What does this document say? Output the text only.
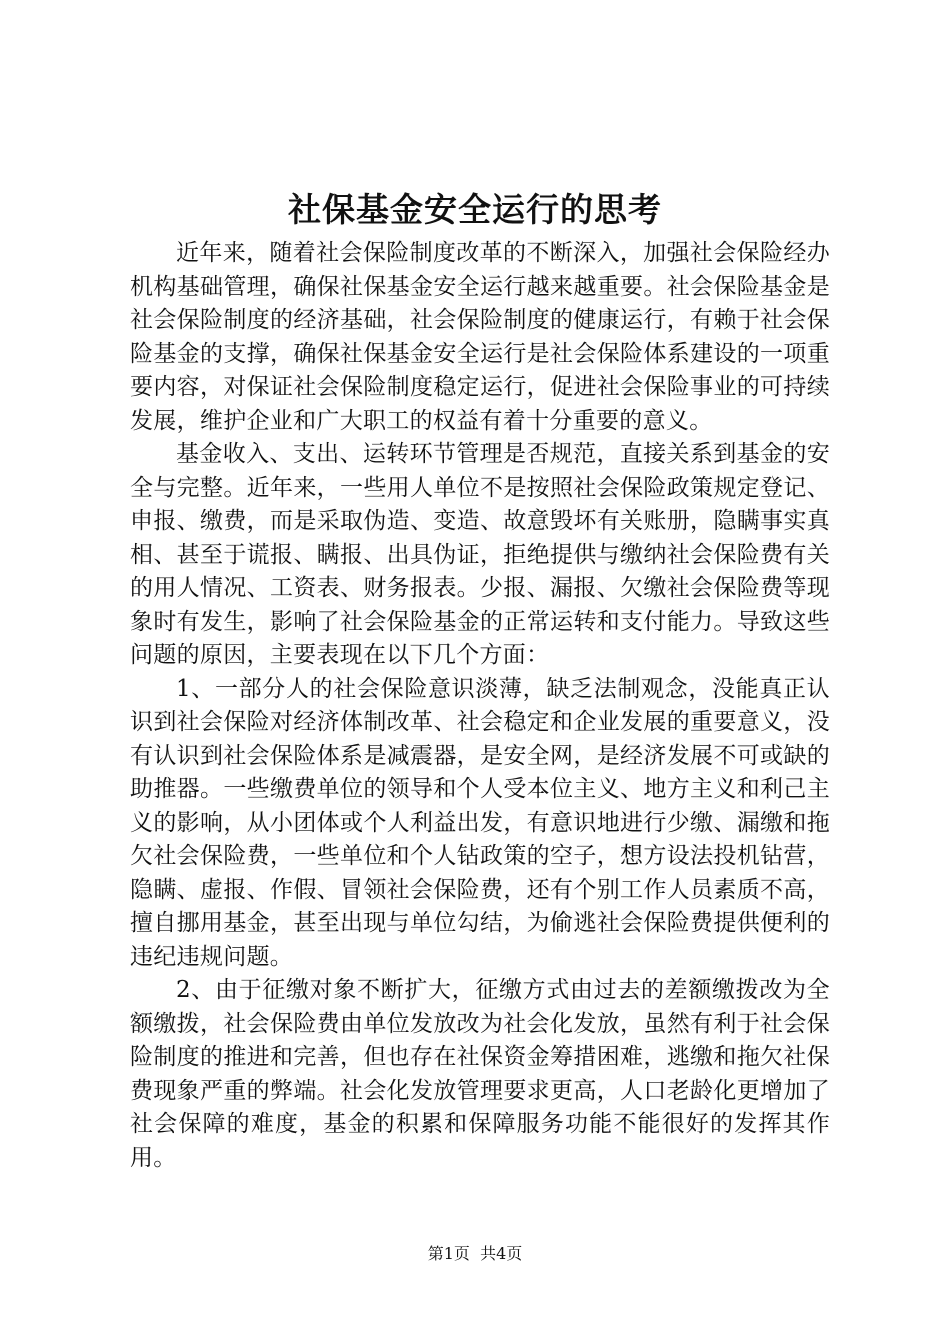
社保基金安全运行的思考

近年来，随着社会保险制度改革的不断深入，加强社会保险经办机构基础管理，确保社保基金安全运行越来越重要。社会保险基金是社会保险制度的经济基础，社会保险制度的健康运行，有赖于社会保险基金的支撑，确保社保基金安全运行是社会保险体系建设的一项重要内容，对保证社会保险制度稳定运行，促进社会保险事业的可持续发展，维护企业和广大职工的权益有着十分重要的意义。

基金收入、支出、运转环节管理是否规范，直接关系到基金的安全与完整。近年来，一些用人单位不是按照社会保险政策规定登记、申报、缴费，而是采取伪造、变造、故意毁坏有关账册，隐瞒事实真相、甚至于谎报、瞒报、出具伪证，拒绝提供与缴纳社会保险费有关的用人情况、工资表、财务报表。少报、漏报、欠缴社会保险费等现象时有发生，影响了社会保险基金的正常运转和支付能力。导致这些问题的原因，主要表现在以下几个方面：

1、一部分人的社会保险意识淡薄，缺乏法制观念，没能真正认识到社会保险对经济体制改革、社会稳定和企业发展的重要意义，没有认识到社会保险体系是减震器，是安全网，是经济发展不可或缺的助推器。一些缴费单位的领导和个人受本位主义、地方主义和利己主义的影响，从小团体或个人利益出发，有意识地进行少缴、漏缴和拖欠社会保险费，一些单位和个人钻政策的空子，想方设法投机钻营，隐瞒、虚报、作假、冒领社会保险费，还有个别工作人员素质不高，擅自挪用基金，甚至出现与单位勾结，为偷逃社会保险费提供便利的违纪违规问题。

2、由于征缴对象不断扩大，征缴方式由过去的差额缴拨改为全额缴拨，社会保险费由单位发放改为社会化发放，虽然有利于社会保险制度的推进和完善，但也存在社保资金筹措困难，逃缴和拖欠社保费现象严重的弊端。社会化发放管理要求更高，人口老龄化更增加了社会保障的难度，基金的积累和保障服务功能不能很好的发挥其作用。

第1页  共4页
